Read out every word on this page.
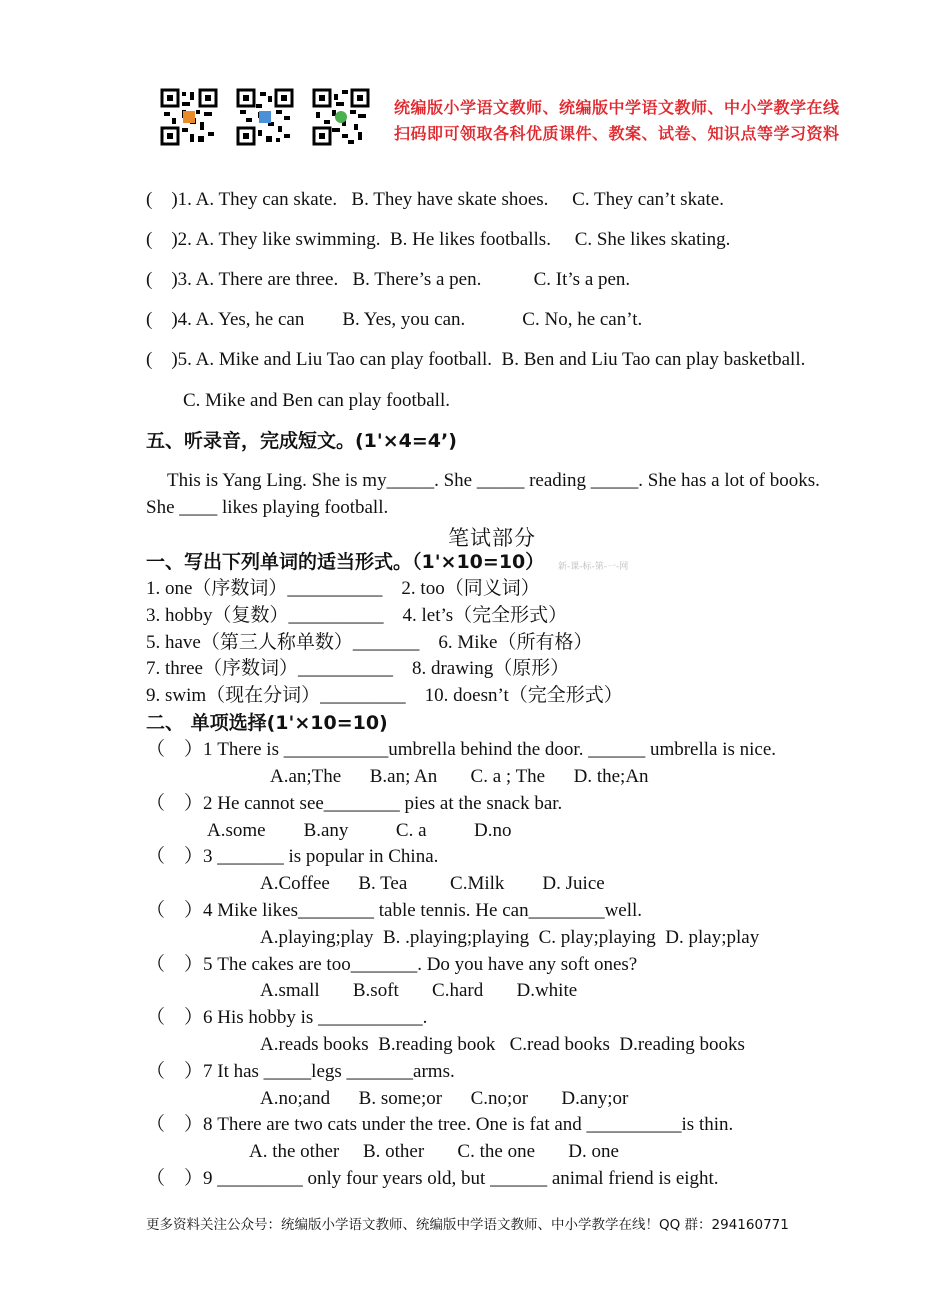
统编版小学语文教师、统编版中学语文教师、中小学教学在线
扫码即可领取各科优质课件、教案、试卷、知识点等学习资料
(    )1. A. They can skate.   B. They have skate shoes.     C. They can’t skate.
(    )2. A. They like swimming.  B. He likes footballs.     C. She likes skating.
(    )3. A. There are three.   B. There’s a pen.           C. It’s a pen.
(    )4. A. Yes, he can        B. Yes, you can.            C. No, he can’t.
(    )5. A. Mike and Liu Tao can play football.  B. Ben and Liu Tao can play basketball.
C. Mike and Ben can play football.
五、听录音，完成短文。(1'×4=4’)
This is Yang Ling. She is my_____. She _____ reading _____. She has a lot of books.
She ____ likes playing football.
笔试部分
一、写出下列单词的适当形式。（1'×10=10） 新-课-标-第-一-网
1. one（序数词）__________    2. too（同义词）
3. hobby（复数）__________    4. let’s（完全形式）
5. have（第三人称单数）_______    6. Mike（所有格）
7. three（序数词）__________    8. drawing（原形）
9. swim（现在分词）_________    10. doesn’t（完全形式）
二、 单项选择(1'×10=10)
（    ）1 There is ___________umbrella behind the door. ______ umbrella is nice.
A.an;The      B.an; An       C. a ; The      D. the;An
（    ）2 He cannot see________ pies at the snack bar.
A.some        B.any          C. a          D.no
（    ）3 _______ is popular in China.
A.Coffee      B. Tea         C.Milk        D. Juice
（    ）4 Mike likes________ table tennis. He can________well.
A.playing;play  B. .playing;playing  C. play;playing  D. play;play
（    ）5 The cakes are too_______. Do you have any soft ones?
A.small       B.soft       C.hard       D.white
（    ）6 His hobby is ___________.
A.reads books  B.reading book   C.read books  D.reading books
（    ）7 It has _____legs _______arms.
A.no;and      B. some;or      C.no;or       D.any;or
（    ）8 There are two cats under the tree. One is fat and __________is thin.
A. the other     B. other       C. the one       D. one
（    ）9 _________ only four years old, but ______ animal friend is eight.
更多资料关注公众号：统编版小学语文教师、统编版中学语文教师、中小学教学在线！QQ 群：294160771
